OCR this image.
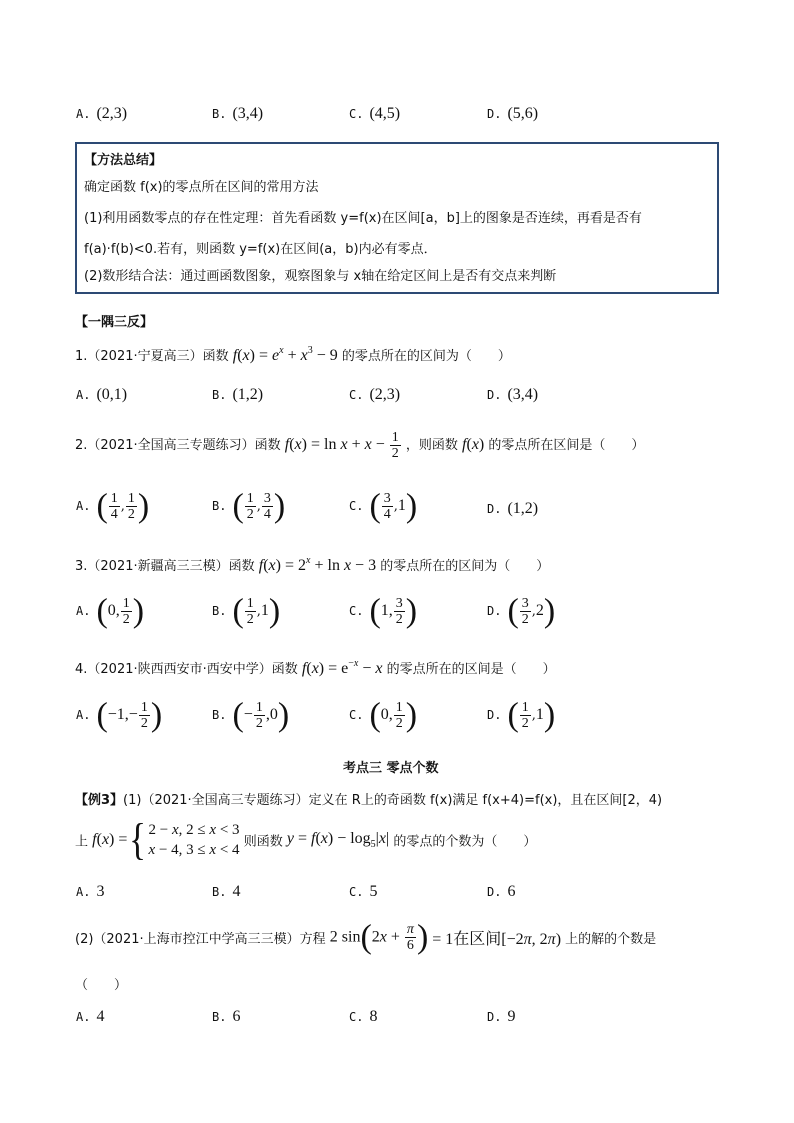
A. (2,3)	B. (3,4)	C. (4,5)	D. (5,6)
【方法总结】
确定函数 f(x)的零点所在区间的常用方法
(1)利用函数零点的存在性定理：首先看函数 y=f(x)在区间[a，b]上的图象是否连续，再看是否有
f(a)·f(b)<0.若有，则函数 y=f(x)在区间(a，b)内必有零点．
(2)数形结合法：通过画函数图象，观察图象与 x轴在给定区间上是否有交点来判断
【一隅三反】
1.（2021·宁夏高三）函数 $f(x) = e^x + x^3 - 9$ 的零点所在的区间为（　　）
A. (0,1)	B. (1,2)	C. (2,3)	D. (3,4)
2.（2021·全国高三专题练习）函数 $f(x) = \ln x + x - \frac{1}{2}$ ，则函数 f(x) 的零点所在区间是（　　）
A. ( $\frac{1}{4}$ , $\frac{1}{2}$ )	B. ( $\frac{1}{2}$ , $\frac{3}{4}$ )	C. ( $\frac{3}{4} ,1$)	D. (1,2)
3.（2021·新疆高三三模）函数 $f(x) = 2^x + \ln x - 3$ 的零点所在的区间为（　　）
A. (0, $\frac{1}{2}$ )	B. ( $\frac{1}{2} ,1$)	C. (1, $\frac{3}{2}$ )	D. ( $\frac{3}{2} ,2$)
4.（2021·陕西西安市·西安中学）函数 $f(x) = e^{-x} - x$ 的零点所在的区间是（　　）
A. ($-1,- \frac{1}{2}$ )	B. (− $\frac{1}{2} ,0$)	C. (0, $\frac{1}{2}$ )	D. ( $\frac{1}{2} ,1$)
考点三 零点个数
【例3】(1)（2021·全国高三专题练习）定义在 R上的奇函数 f(x)满足 f(x+4)=f(x)，且在区间[2，4)
上 f(x) ={ 2 − x, 2 ≤ x < 3
x − 4, 3 ≤ x < 4 则函数 $y = f(x) - \log_5|x|$ 的零点的个数为（　　）
A. 3	B. 4	C. 5	D. 6
(2)（2021·上海市控江中学高三三模）方程 2 $\sin(2x + \frac{\pi}{6}$ ) = 1在区间[−2π, 2π) 上的解的个数是
（　　）
A. 4	B. 6	C. 8	D. 9
